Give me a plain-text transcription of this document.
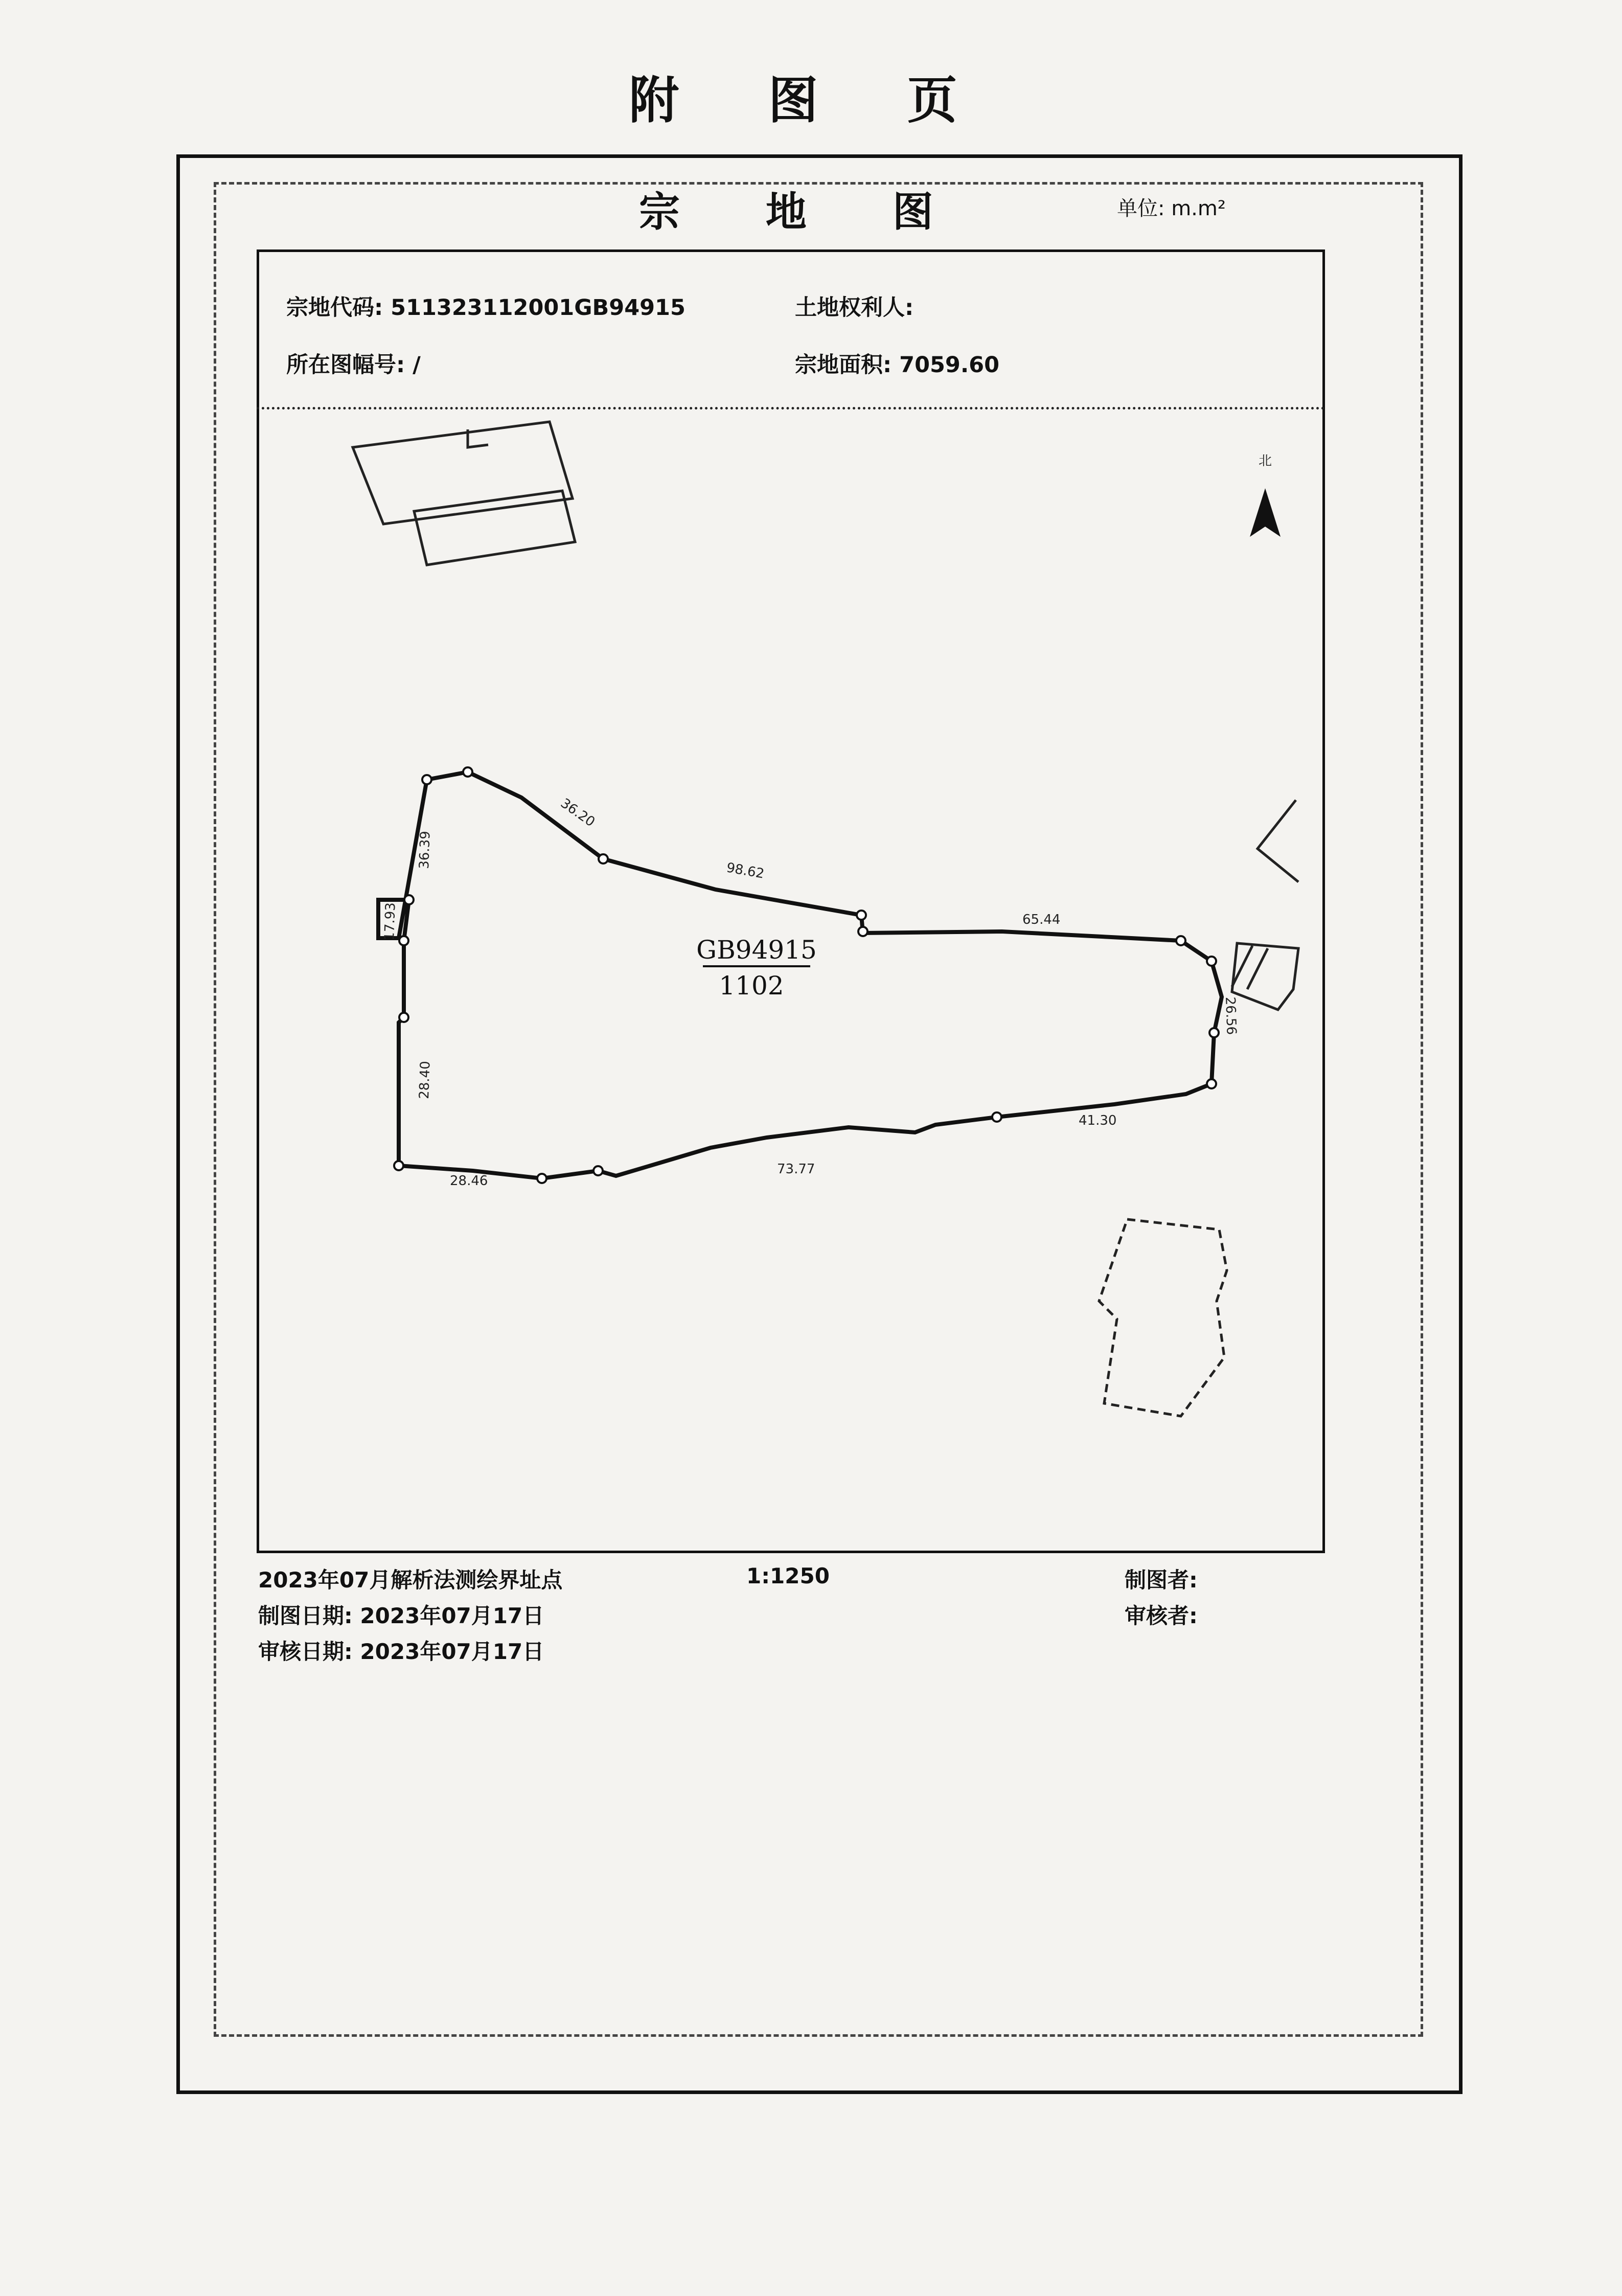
附 图 页
宗 地 图	单位: m.m²
宗地代码: 511323112001GB94915	土地权利人:
所在图幅号: /	宗地面积: 7059.60
北
36.20
36.39
98.62
65.44
26.56
41.30
73.77
28.46
28.40
17.93
GB94915
1102
2023年07月解析法测绘界址点	1:1250	制图者:
制图日期: 2023年07月17日	审核者:
审核日期: 2023年07月17日
